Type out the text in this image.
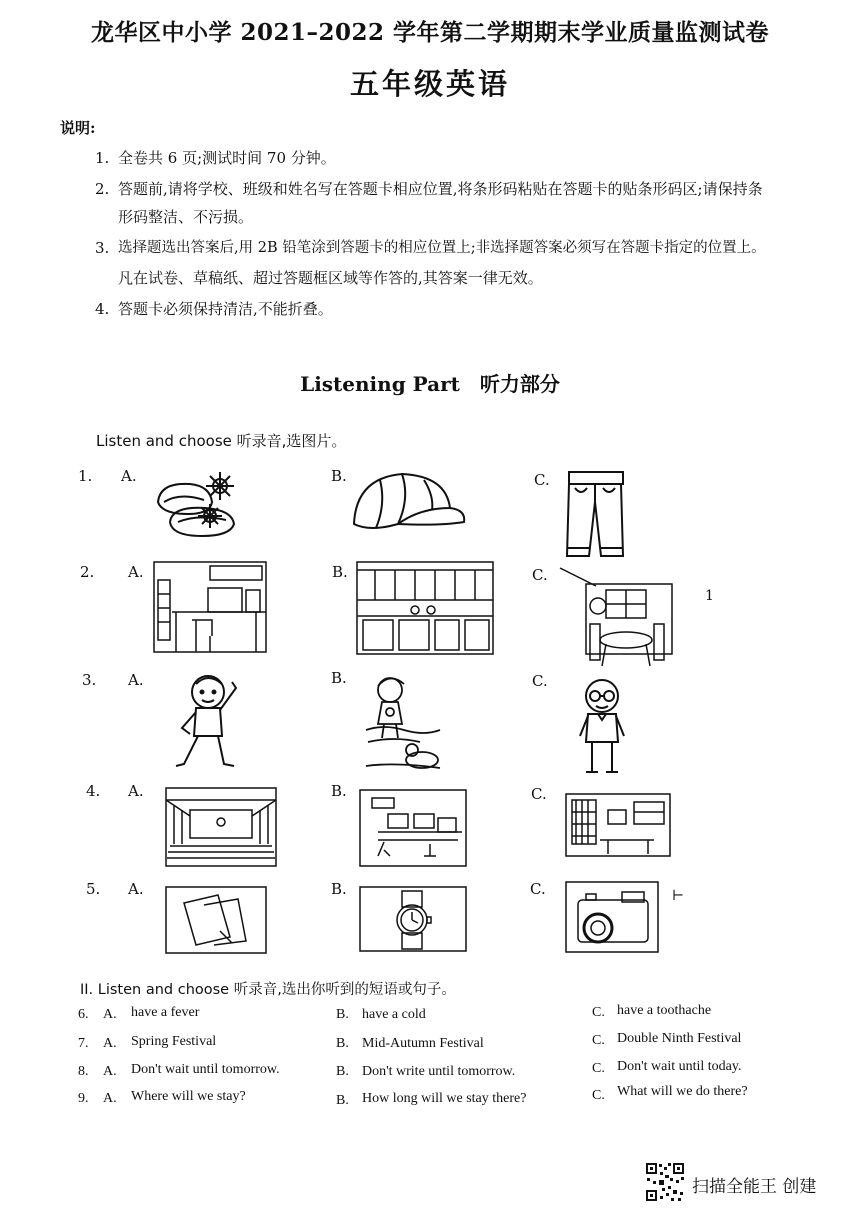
龙华区中小学 2021–2022 学年第二学期期末学业质量监测试卷
五年级英语
说明:
1. 全卷共 6 页;测试时间 70 分钟。
2. 答题前,请将学校、班级和姓名写在答题卡相应位置,将条形码粘贴在答题卡的贴条形码区;请保持条
形码整洁、不污损。
3. 选择题选出答案后,用 2B 铅笔涂到答题卡的相应位置上;非选择题答案必须写在答题卡指定的位置上。
凡在试卷、草稿纸、超过答题框区域等作答的,其答案一律无效。
4. 答题卡必须保持清洁,不能折叠。
Listening Part　听力部分
Listen and choose 听录音,选图片。
1. A.	B.	C.
2. A.	B.	C.
3. A.	B.	C.
4. A.	B.	C.
5. A.	B.	C.
1
⊢
II. Listen and choose 听录音,选出你听到的短语或句子。
6. A. have a fever	B. have a cold	C. have a toothache
7. A. Spring Festival	B. Mid-Autumn Festival	C. Double Ninth Festival
8. A. Don't wait until tomorrow.	B. Don't write until tomorrow.	C. Don't wait until today.
9. A. Where will we stay?	B. How long will we stay there?	C. What will we do there?
扫描全能王 创建
